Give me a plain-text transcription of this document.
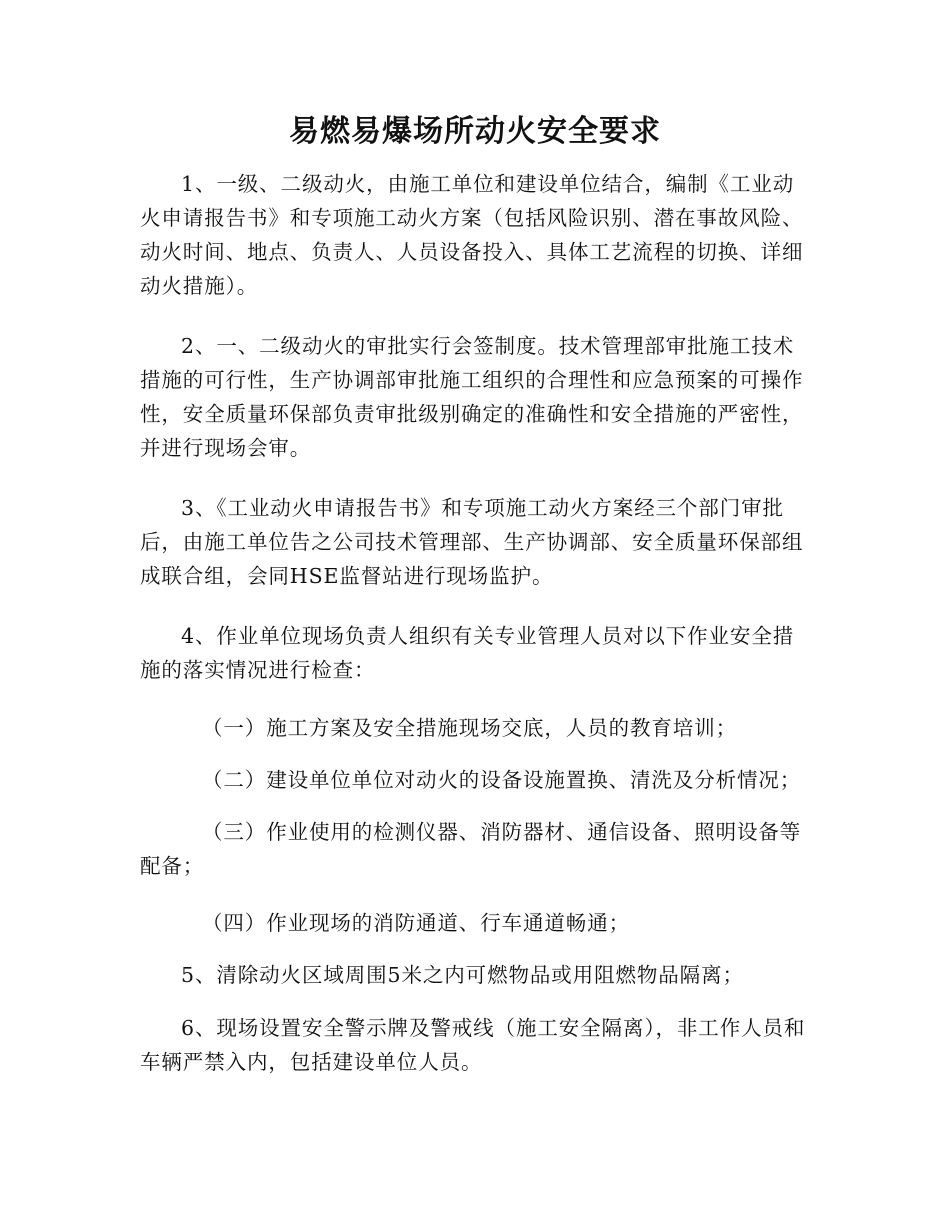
易燃易爆场所动火安全要求

1、一级、二级动火，由施工单位和建设单位结合，编制《工业动火申请报告书》和专项施工动火方案（包括风险识别、潜在事故风险、动火时间、地点、负责人、人员设备投入、具体工艺流程的切换、详细动火措施）。

2、一、二级动火的审批实行会签制度。技术管理部审批施工技术措施的可行性，生产协调部审批施工组织的合理性和应急预案的可操作性，安全质量环保部负责审批级别确定的准确性和安全措施的严密性，并进行现场会审。

3、《工业动火申请报告书》和专项施工动火方案经三个部门审批后，由施工单位告之公司技术管理部、生产协调部、安全质量环保部组成联合组，会同HSE监督站进行现场监护。

4、作业单位现场负责人组织有关专业管理人员对以下作业安全措施的落实情况进行检查：

（一）施工方案及安全措施现场交底，人员的教育培训；

（二）建设单位单位对动火的设备设施置换、清洗及分析情况；

（三）作业使用的检测仪器、消防器材、通信设备、照明设备等配备；

（四）作业现场的消防通道、行车通道畅通；

5、清除动火区域周围5米之内可燃物品或用阻燃物品隔离；

6、现场设置安全警示牌及警戒线（施工安全隔离），非工作人员和车辆严禁入内，包括建设单位人员。
